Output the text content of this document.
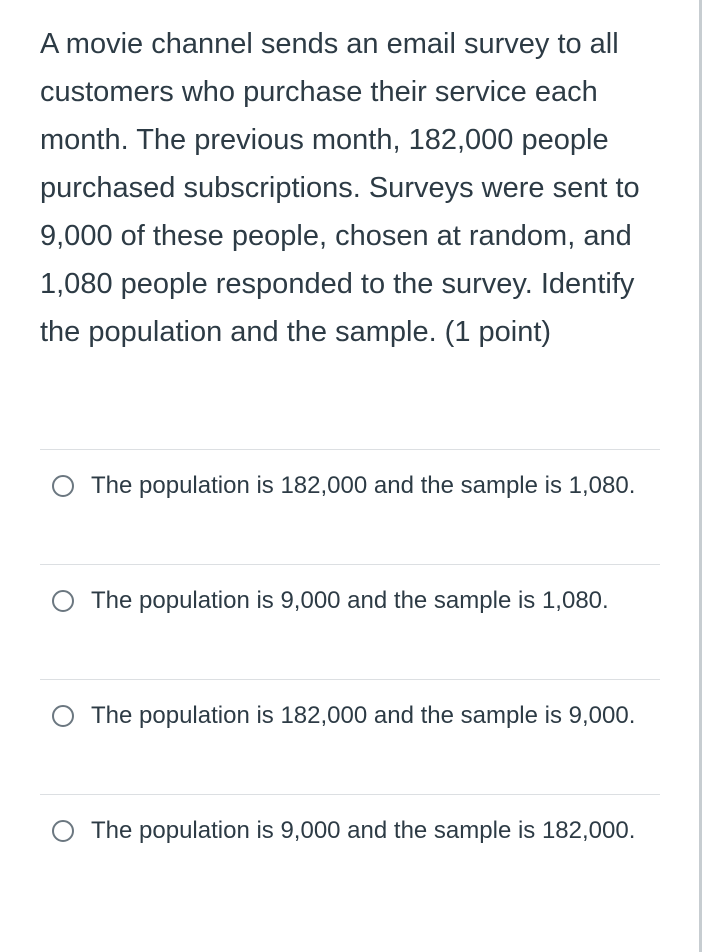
A movie channel sends an email survey to all customers who purchase their service each month. The previous month, 182,000 people purchased subscriptions. Surveys were sent to 9,000 of these people, chosen at random, and 1,080 people responded to the survey. Identify the population and the sample. (1 point)

The population is 182,000 and the sample is 1,080.
The population is 9,000 and the sample is 1,080.
The population is 182,000 and the sample is 9,000.
The population is 9,000 and the sample is 182,000.
